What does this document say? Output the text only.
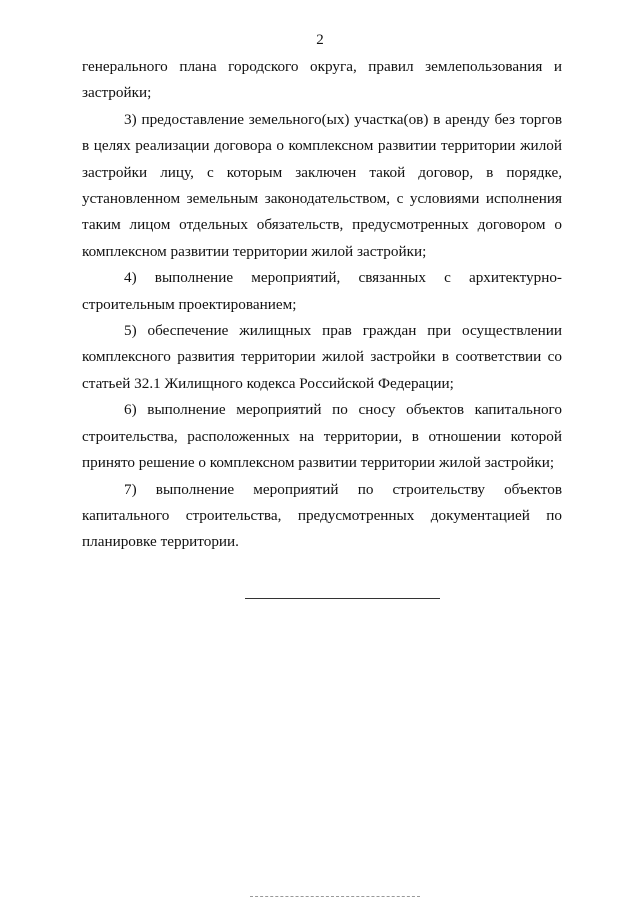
2

генерального плана городского округа, правил землепользования и застройки;

3) предоставление земельного(ых) участка(ов) в аренду без торгов в целях реализации договора о комплексном развитии территории жилой застройки лицу, с которым заключен такой договор, в порядке, установленном земельным законодательством, с условиями исполнения таким лицом отдельных обязательств, предусмотренных договором о комплексном развитии территории жилой застройки;

4) выполнение мероприятий, связанных с архитектурно-строительным проектированием;

5) обеспечение жилищных прав граждан при осуществлении комплексного развития территории жилой застройки в соответствии со статьей 32.1 Жилищного кодекса Российской Федерации;

6) выполнение мероприятий по сносу объектов капитального строительства, расположенных на территории, в отношении которой принято решение о комплексном развитии территории жилой застройки;

7) выполнение мероприятий по строительству объектов капитального строительства, предусмотренных документацией по планировке территории.
